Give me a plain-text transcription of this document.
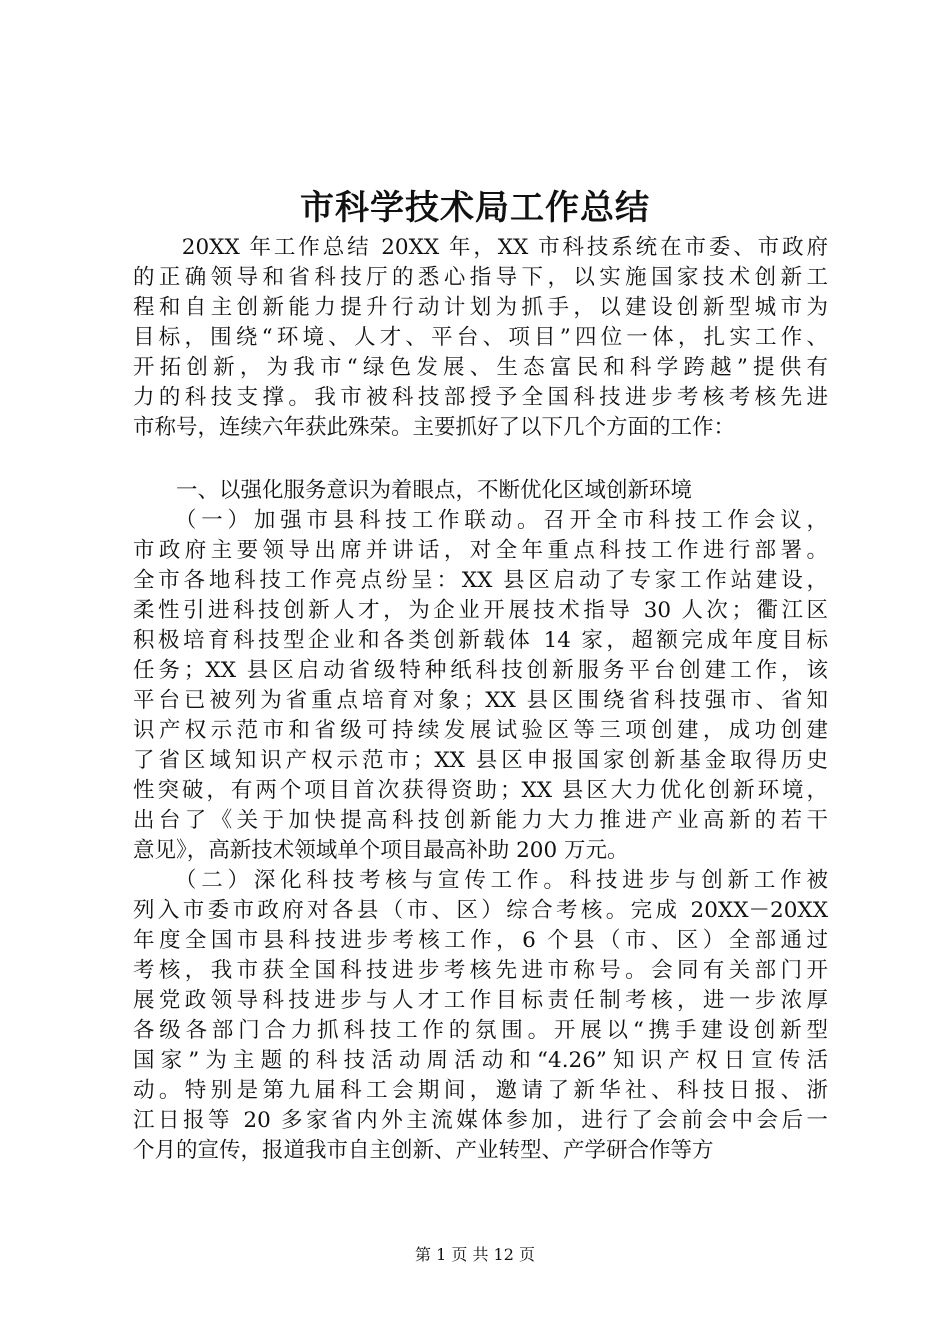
市科学技术局工作总结
　　20XX 年工作总结 20XX 年，XX 市科技系统在市委、市政府
的正确领导和省科技厅的悉心指导下，以实施国家技术创新工
程和自主创新能力提升行动计划为抓手，以建设创新型城市为
目标，围绕“环境、人才、平台、项目”四位一体，扎实工作、
开拓创新，为我市“绿色发展、生态富民和科学跨越”提供有
力的科技支撑。我市被科技部授予全国科技进步考核考核先进
市称号，连续六年获此殊荣。主要抓好了以下几个方面的工作：
　　一、以强化服务意识为着眼点，不断优化区域创新环境
　　（一）加强市县科技工作联动。召开全市科技工作会议，
市政府主要领导出席并讲话，对全年重点科技工作进行部署。
全市各地科技工作亮点纷呈：XX 县区启动了专家工作站建设，
柔性引进科技创新人才，为企业开展技术指导 30 人次；衢江区
积极培育科技型企业和各类创新载体 14 家，超额完成年度目标
任务；XX 县区启动省级特种纸科技创新服务平台创建工作，该
平台已被列为省重点培育对象；XX 县区围绕省科技强市、省知
识产权示范市和省级可持续发展试验区等三项创建，成功创建
了省区域知识产权示范市；XX 县区申报国家创新基金取得历史
性突破，有两个项目首次获得资助；XX 县区大力优化创新环境，
出台了《关于加快提高科技创新能力大力推进产业高新的若干
意见》，高新技术领域单个项目最高补助 200 万元。
　　（二）深化科技考核与宣传工作。科技进步与创新工作被
列入市委市政府对各县（市、区）综合考核。完成 20XX－20XX
年度全国市县科技进步考核工作，6 个县（市、区）全部通过
考核，我市获全国科技进步考核先进市称号。会同有关部门开
展党政领导科技进步与人才工作目标责任制考核，进一步浓厚
各级各部门合力抓科技工作的氛围。开展以“携手建设创新型
国家”为主题的科技活动周活动和“4.26”知识产权日宣传活
动。特别是第九届科工会期间，邀请了新华社、科技日报、浙
江日报等 20 多家省内外主流媒体参加，进行了会前会中会后一
个月的宣传，报道我市自主创新、产业转型、产学研合作等方
第 1 页 共 12 页
